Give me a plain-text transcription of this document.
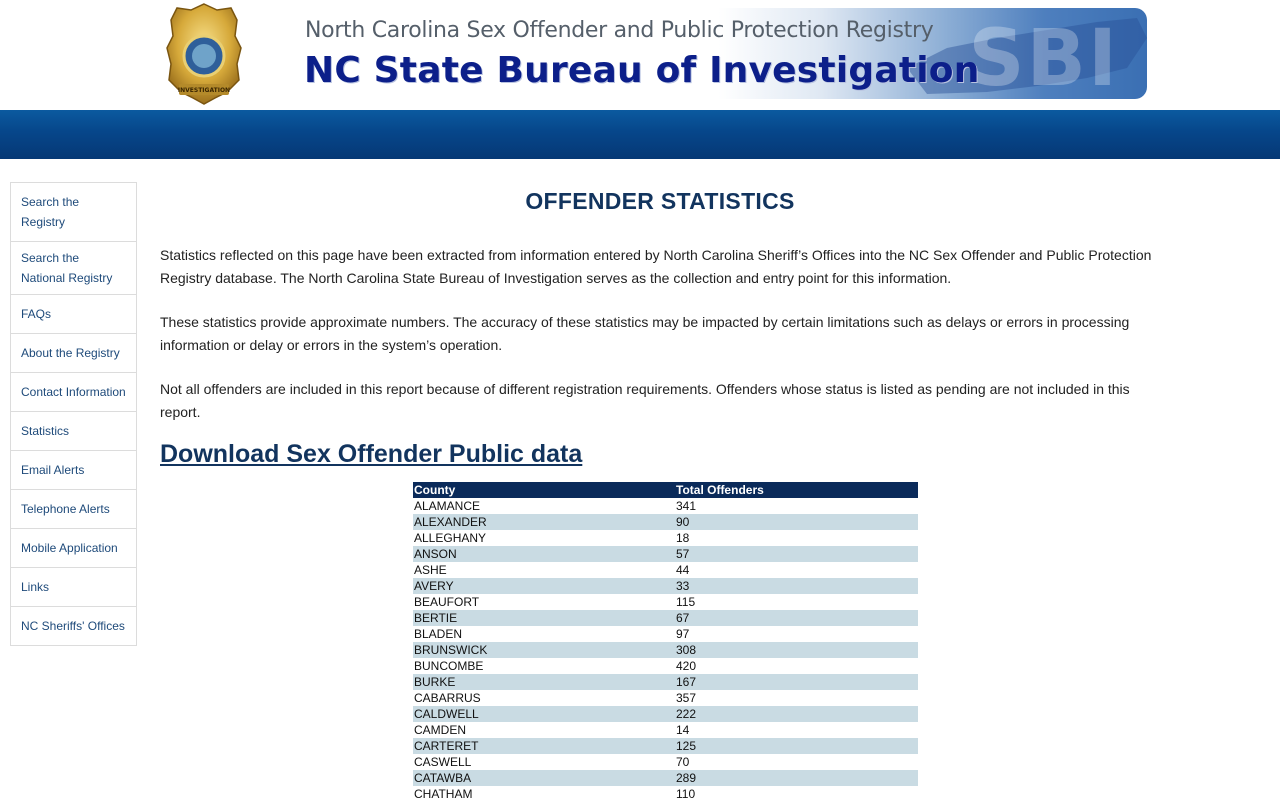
INVESTIGATION	SBI
North Carolina Sex Offender and Public Protection Registry
NC State Bureau of Investigation
Search the Registry
Search the National Registry
FAQs
About the Registry
Contact Information
Statistics
Email Alerts
Telephone Alerts
Mobile Application
Links
NC Sheriffs' Offices
OFFENDER STATISTICS

Statistics reflected on this page have been extracted from information entered by North Carolina Sheriff’s Offices into the NC Sex Offender and Public Protection Registry database. The North Carolina State Bureau of Investigation serves as the collection and entry point for this information.

These statistics provide approximate numbers. The accuracy of these statistics may be impacted by certain limitations such as delays or errors in processing information or delay or errors in the system’s operation.

Not all offenders are included in this report because of different registration requirements. Offenders whose status is listed as pending are not included in this report.

Download Sex Offender Public data
County	Total Offenders
ALAMANCE	341
ALEXANDER	90
ALLEGHANY	18
ANSON	57
ASHE	44
AVERY	33
BEAUFORT	115
BERTIE	67
BLADEN	97
BRUNSWICK	308
BUNCOMBE	420
BURKE	167
CABARRUS	357
CALDWELL	222
CAMDEN	14
CARTERET	125
CASWELL	70
CATAWBA	289
CHATHAM	110
